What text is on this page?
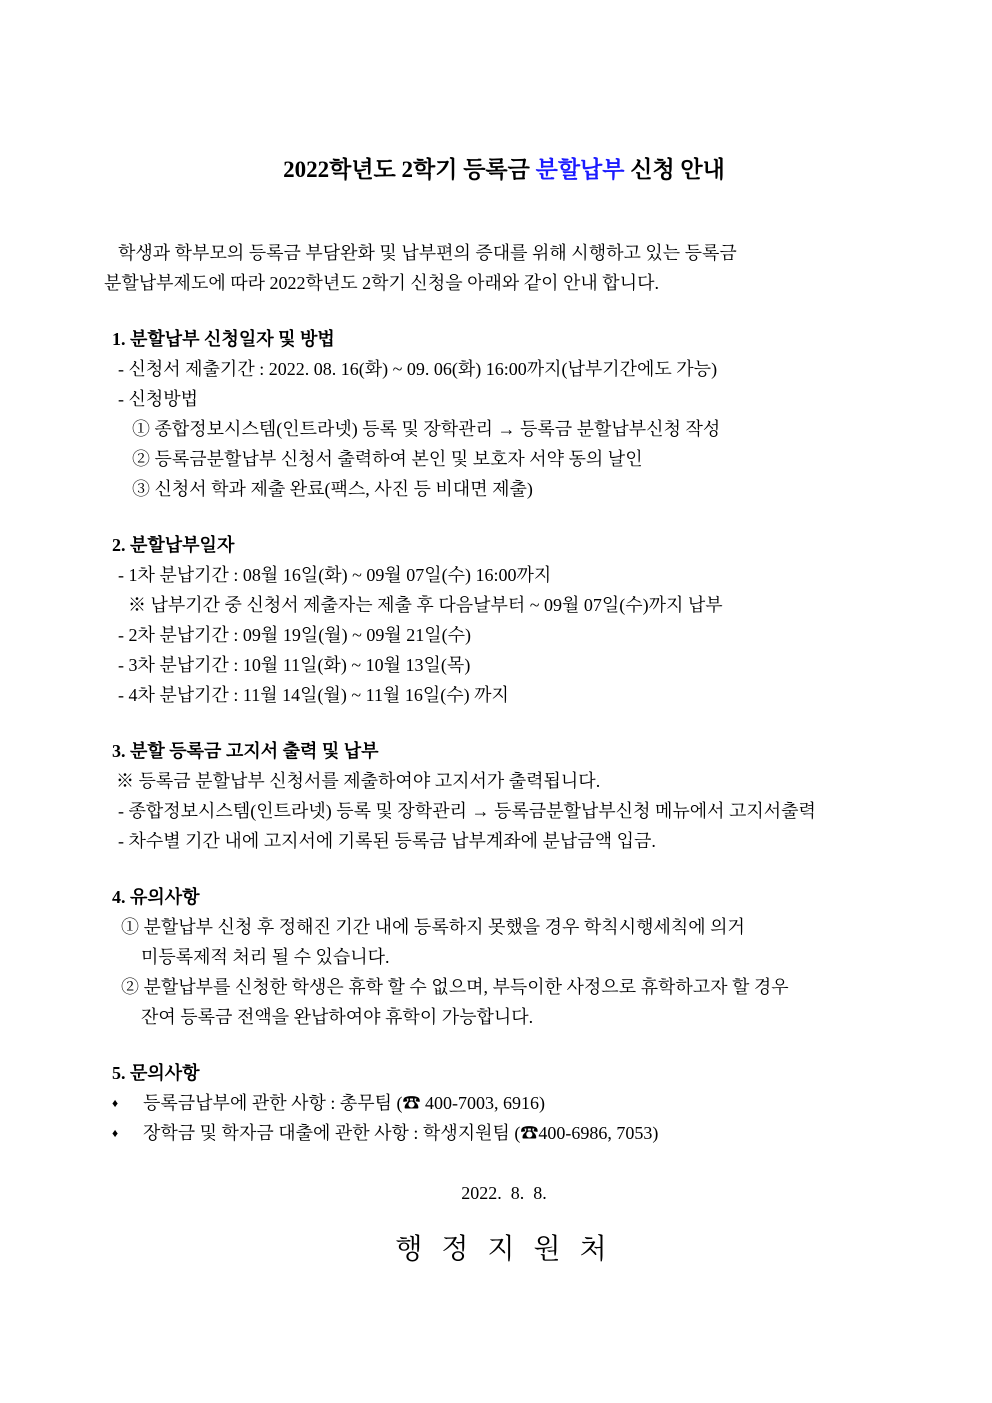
2022학년도 2학기 등록금 분할납부 신청 안내

학생과 학부모의 등록금 부담완화 및 납부편의 증대를 위해 시행하고 있는 등록금

분할납부제도에 따라 2022학년도 2학기 신청을 아래와 같이 안내 합니다.

1. 분할납부 신청일자 및 방법

- 신청서 제출기간 : 2022. 08. 16(화) ~ 09. 06(화) 16:00까지(납부기간에도 가능)

- 신청방법

① 종합정보시스템(인트라넷) 등록 및 장학관리 → 등록금 분할납부신청 작성

② 등록금분할납부 신청서 출력하여 본인 및 보호자 서약 동의 날인

③ 신청서 학과 제출 완료(팩스, 사진 등 비대면 제출)

2. 분할납부일자

- 1차 분납기간 : 08월 16일(화) ~ 09월 07일(수) 16:00까지

※ 납부기간 중 신청서 제출자는 제출 후 다음날부터 ~ 09월 07일(수)까지 납부

- 2차 분납기간 : 09월 19일(월) ~ 09월 21일(수)

- 3차 분납기간 : 10월 11일(화) ~ 10월 13일(목)

- 4차 분납기간 : 11월 14일(월) ~ 11월 16일(수) 까지

3. 분할 등록금 고지서 출력 및 납부

※ 등록금 분할납부 신청서를 제출하여야 고지서가 출력됩니다.

- 종합정보시스템(인트라넷) 등록 및 장학관리 → 등록금분할납부신청 메뉴에서 고지서출력

- 차수별 기간 내에 고지서에 기록된 등록금 납부계좌에 분납금액 입금.

4. 유의사항

① 분할납부 신청 후 정해진 기간 내에 등록하지 못했을 경우 학칙시행세칙에 의거

미등록제적 처리 될 수 있습니다.

② 분할납부를 신청한 학생은 휴학 할 수 없으며, 부득이한 사정으로 휴학하고자 할 경우

잔여 등록금 전액을 완납하여야 휴학이 가능합니다.

5. 문의사항

♦ 등록금납부에 관한 사항 : 총무팀 (☎ 400-7003, 6916)

♦ 장학금 및 학자금 대출에 관한 사항 : 학생지원팀 (☎400-6986, 7053)

2022.  8.  8.

행 정 지 원 처
